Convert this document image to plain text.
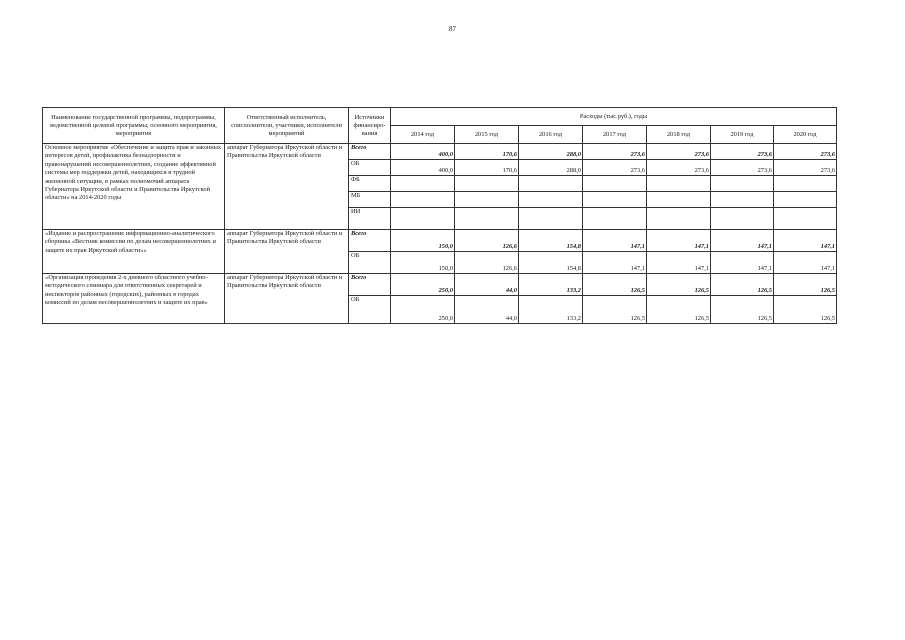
87
Наименование государственной программы, подпрограммы, ведомственной целевой программы, основного мероприятия, мероприятия	Ответственный исполнитель, соисполнители, участники, исполнители мероприятий	Источники финансиро-вания	Расходы (тыс.руб.), годы						
			2014 год	2015 год	2016 год	2017 год	2018 год	2019 год	2020 год
Основное мероприятие «Обеспечение и защита прав и законных интересов детей, профилактика безнадзорности и правонарушений несовершеннолетних, создание эффективной системы мер поддержки детей, находящихся в трудной жизненной ситуации, в рамках полномочий аппарата Губернатора Иркутской области и Правительства Иркутской области» на 2014-2020 годы	аппарат Губернатора Иркутской области и Правительства Иркутской области	Всего	400,0	170,6	288,0	273,6	273,6	273,6	273,6
		ОБ	400,0	170,6	288,0	273,6	273,6	273,6	273,6
		ФБ							
		МБ							
		ИИ							
«Издание и распространение информационно-аналитического сборника «Вестник комиссии по делам несовершеннолетних и защите их прав Иркутской области»»	аппарат Губернатора Иркутской области и Правительства Иркутской области	Всего	150,0	126,6	154,8	147,1	147,1	147,1	147,1
		ОБ	150,0	126,6	154,8	147,1	147,1	147,1	147,1
«Организация проведения 2-х дневного областного учебно-методического семинара для ответственных секретарей и инспекторов районных (городских), районных в городах комиссий по делам несовершеннолетних и защите их прав»	аппарат Губернатора Иркутской области и Правительства Иркутской области	Всего	250,0	44,0	133,2	126,5	126,5	126,5	126,5
		ОБ	250,0	44,0	133,2	126,5	126,5	126,5	126,5
